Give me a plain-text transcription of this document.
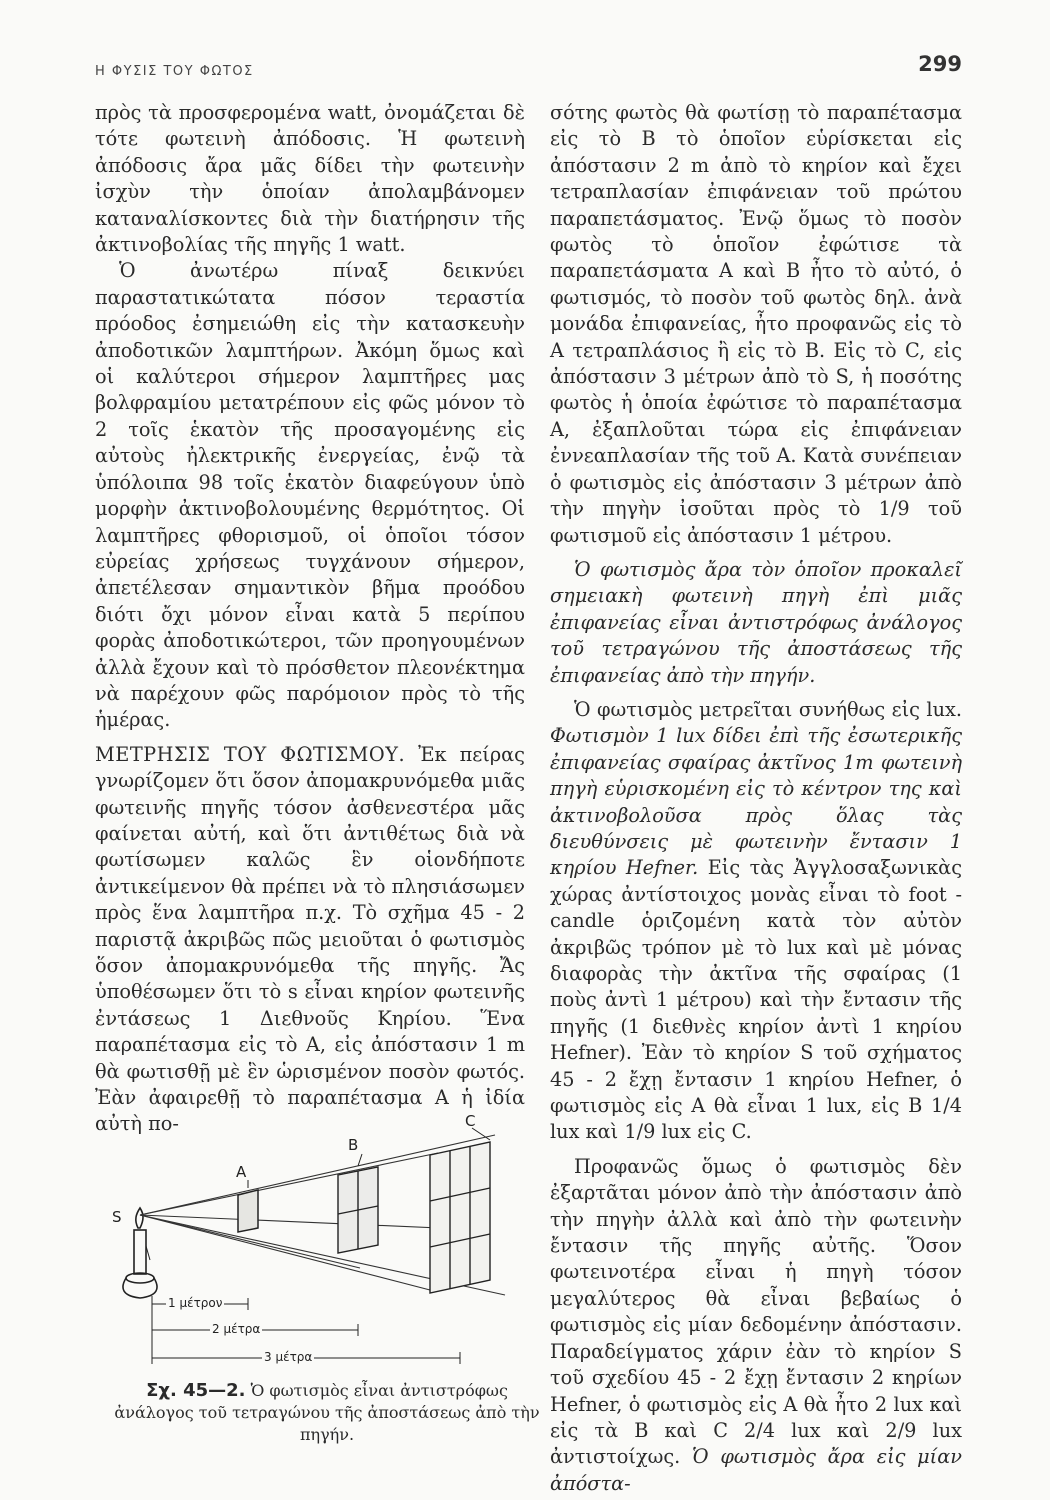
Η ΦΥΣΙΣ ΤΟΥ ΦΩΤΟΣ	299

πρὸς τὰ προσφερομένα watt, ὀνομάζεται δὲ τότε φωτεινὴ ἀπόδοσις. Ἡ φωτεινὴ ἀπόδοσις ἄρα μᾶς δίδει τὴν φωτεινὴν ἰσχὺν τὴν ὁποίαν ἀπολαμβάνομεν καταναλίσκοντες διὰ τὴν διατήρησιν τῆς ἀκτινοβολίας τῆς πηγῆς 1 watt.

Ὁ ἀνωτέρω πίναξ δεικνύει παραστατικώτατα πόσον τεραστία πρόοδος ἐσημειώθη εἰς τὴν κατασκευὴν ἀποδοτικῶν λαμπτήρων. Ἀκόμη ὅμως καὶ οἱ καλύτεροι σήμερον λαμπτῆρες μας βολφραμίου μετατρέπουν εἰς φῶς μόνον τὸ 2 τοῖς ἑκατὸν τῆς προσαγομένης εἰς αὐτοὺς ἠλεκτρικῆς ἐνεργείας, ἐνῷ τὰ ὑπόλοιπα 98 τοῖς ἑκατὸν διαφεύγουν ὑπὸ μορφὴν ἀκτινοβολουμένης θερμότητος. Οἱ λαμπτῆρες φθορισμοῦ, οἱ ὁποῖοι τόσον εὐρείας χρήσεως τυγχάνουν σήμερον, ἀπετέλεσαν σημαντικὸν βῆμα προόδου διότι ὄχι μόνον εἶναι κατὰ 5 περίπου φορὰς ἀποδοτικώτεροι, τῶν προηγουμένων ἀλλὰ ἔχουν καὶ τὸ πρόσθετον πλεονέκτημα νὰ παρέχουν φῶς παρόμοιον πρὸς τὸ τῆς ἡμέρας.

ΜΕΤΡΗΣΙΣ ΤΟΥ ΦΩΤΙΣΜΟΥ. Ἐκ πείρας γνωρίζομεν ὅτι ὅσον ἀπομακρυνόμεθα μιᾶς φωτεινῆς πηγῆς τόσον ἀσθενεστέρα μᾶς φαίνεται αὐτή, καὶ ὅτι ἀντιθέτως διὰ νὰ φωτίσωμεν καλῶς ἓν οἱονδήποτε ἀντικείμενον θὰ πρέπει νὰ τὸ πλησιάσωμεν πρὸς ἕνα λαμπτῆρα π.χ. Τὸ σχῆμα 45 - 2 παριστᾷ ἀκριβῶς πῶς μειοῦται ὁ φωτισμὸς ὅσον ἀπομακρυνόμεθα τῆς πηγῆς. Ἄς ὑποθέσωμεν ὅτι τὸ s εἶναι κηρίον φωτεινῆς ἐντάσεως 1 Διεθνοῦς Κηρίου. Ἕνα παραπέτασμα εἰς τὸ Α, εἰς ἀπόστασιν 1 m θὰ φωτισθῇ μὲ ἓν ὡρισμένον ποσὸν φωτός. Ἐὰν ἀφαιρεθῇ τὸ παραπέτασμα Α ἡ ἰδία αὐτὴ πο-

S
A
B
C
1 μέτρον
2 μέτρα
3 μέτρα
Σχ. 45—2. Ὁ φωτισμὸς εἶναι ἀντιστρόφως ἀνάλογος τοῦ τετραγώνου τῆς ἀποστάσεως ἀπὸ τὴν πηγήν.

σότης φωτὸς θὰ φωτίσῃ τὸ παραπέτασμα εἰς τὸ Β τὸ ὁποῖον εὑρίσκεται εἰς ἀπόστασιν 2 m ἀπὸ τὸ κηρίον καὶ ἔχει τετραπλασίαν ἐπιφάνειαν τοῦ πρώτου παραπετάσματος. Ἐνῷ ὅμως τὸ ποσὸν φωτὸς τὸ ὁποῖον ἐφώτισε τὰ παραπετάσματα Α καὶ Β ἦτο τὸ αὐτό, ὁ φωτισμός, τὸ ποσὸν τοῦ φωτὸς δηλ. ἀνὰ μονάδα ἐπιφανείας, ἦτο προφανῶς εἰς τὸ Α τετραπλάσιος ἢ εἰς τὸ Β. Εἰς τὸ C, εἰς ἀπόστασιν 3 μέτρων ἀπὸ τὸ S, ἡ ποσότης φωτὸς ἡ ὁποία ἐφώτισε τὸ παραπέτασμα Α, ἐξαπλοῦται τώρα εἰς ἐπιφάνειαν ἐννεαπλασίαν τῆς τοῦ Α. Κατὰ συνέπειαν ὁ φωτισμὸς εἰς ἀπόστασιν 3 μέτρων ἀπὸ τὴν πηγὴν ἰσοῦται πρὸς τὸ 1/9 τοῦ φωτισμοῦ εἰς ἀπόστασιν 1 μέτρου.

Ὁ φωτισμὸς ἄρα τὸν ὁποῖον προκαλεῖ σημειακὴ φωτεινὴ πηγὴ ἐπὶ μιᾶς ἐπιφανείας εἶναι ἀντιστρόφως ἀνάλογος τοῦ τετραγώνου τῆς ἀποστάσεως τῆς ἐπιφανείας ἀπὸ τὴν πηγήν.

Ὁ φωτισμὸς μετρεῖται συνήθως εἰς lux. Φωτισμὸν 1 lux δίδει ἐπὶ τῆς ἐσωτερικῆς ἐπιφανείας σφαίρας ἀκτῖνος 1m φωτεινὴ πηγὴ εὑρισκομένη εἰς τὸ κέντρον της καὶ ἀκτινοβολοῦσα πρὸς ὅλας τὰς διευθύνσεις μὲ φωτεινὴν ἔντασιν 1 κηρίου Hefner. Εἰς τὰς Ἀγγλοσαξωνικὰς χώρας ἀντίστοιχος μονὰς εἶναι τὸ foot - candle ὁριζομένη κατὰ τὸν αὐτὸν ἀκριβῶς τρόπον μὲ τὸ lux καὶ μὲ μόνας διαφορὰς τὴν ἀκτῖνα τῆς σφαίρας (1 ποὺς ἀντὶ 1 μέτρου) καὶ τὴν ἔντασιν τῆς πηγῆς (1 διεθνὲς κηρίον ἀντὶ 1 κηρίου Hefner). Ἐὰν τὸ κηρίον S τοῦ σχήματος 45 - 2 ἔχῃ ἔντασιν 1 κηρίου Hefner, ὁ φωτισμὸς εἰς Α θὰ εἶναι 1 lux, εἰς Β 1/4 lux καὶ 1/9 lux εἰς C.

Προφανῶς ὅμως ὁ φωτισμὸς δὲν ἐξαρτᾶται μόνον ἀπὸ τὴν ἀπόστασιν ἀπὸ τὴν πηγὴν ἀλλὰ καὶ ἀπὸ τὴν φωτεινὴν ἔντασιν τῆς πηγῆς αὐτῆς. Ὅσον φωτεινοτέρα εἶναι ἡ πηγὴ τόσον μεγαλύτερος θὰ εἶναι βεβαίως ὁ φωτισμὸς εἰς μίαν δεδομένην ἀπόστασιν. Παραδείγματος χάριν ἐὰν τὸ κηρίον S τοῦ σχεδίου 45 - 2 ἔχῃ ἔντασιν 2 κηρίων Hefner, ὁ φωτισμὸς εἰς Α θὰ ἦτο 2 lux καὶ εἰς τὰ Β καὶ C 2/4 lux καὶ 2/9 lux ἀντιστοίχως. Ὁ φωτισμὸς ἄρα εἰς μίαν ἀπόστα-
